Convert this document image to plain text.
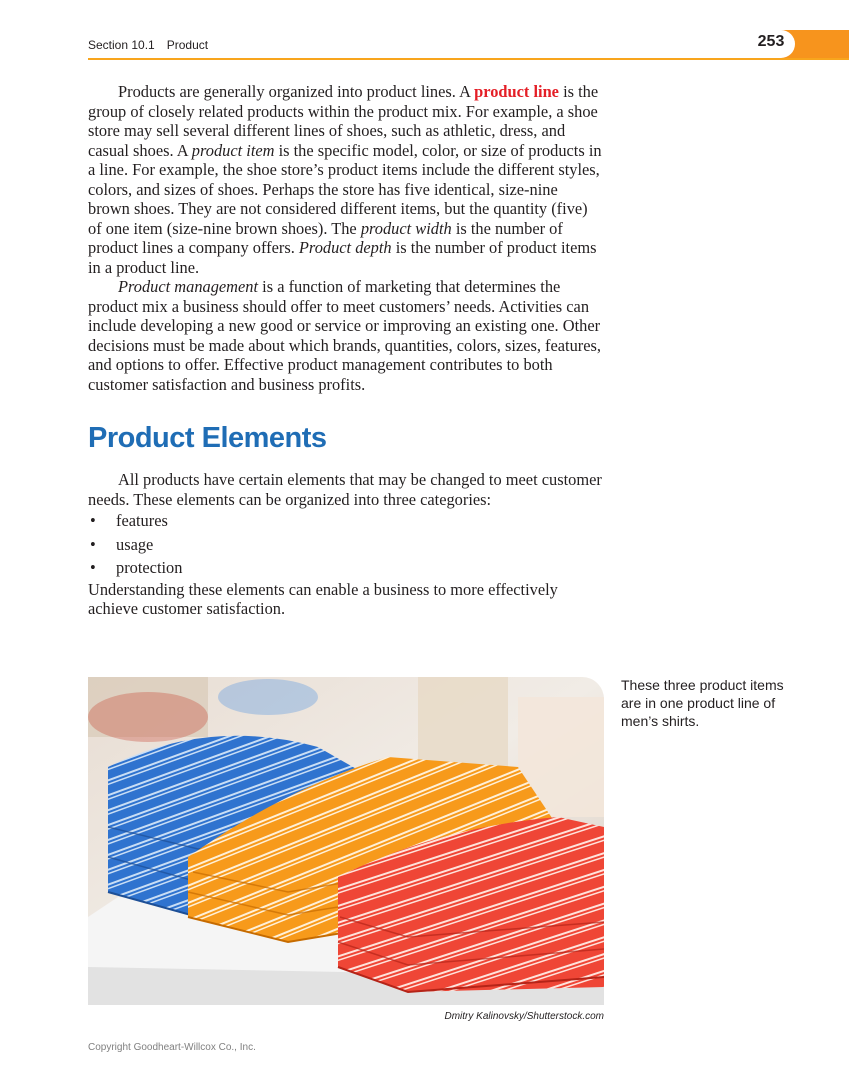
Section 10.1 Product	253

Products are generally organized into product lines. A product line is the group of closely related products within the product mix. For example, a shoe store may sell several different lines of shoes, such as athletic, dress, and casual shoes. A product item is the specific model, color, or size of products in a line. For example, the shoe store’s product items include the different styles, colors, and sizes of shoes. Perhaps the store has five identical, size-nine brown shoes. They are not considered different items, but the quantity (five) of one item (size-nine brown shoes). The product width is the number of product lines a company offers. Product depth is the number of product items in a product line.

Product management is a function of marketing that determines the product mix a business should offer to meet customers’ needs. Activities can include developing a new good or service or improving an existing one. Other decisions must be made about which brands, quantities, colors, sizes, features, and options to offer. Effective product management contributes to both customer satisfaction and business profits.

Product Elements

All products have certain elements that may be changed to meet customer needs. These elements can be organized into three categories:

• features
• usage
• protection

Understanding these elements can enable a business to more effectively achieve customer satisfaction.

These three product items are in one product line of men’s shirts.
Dmitry Kalinovsky/Shutterstock.com
Copyright Goodheart-Willcox Co., Inc.
